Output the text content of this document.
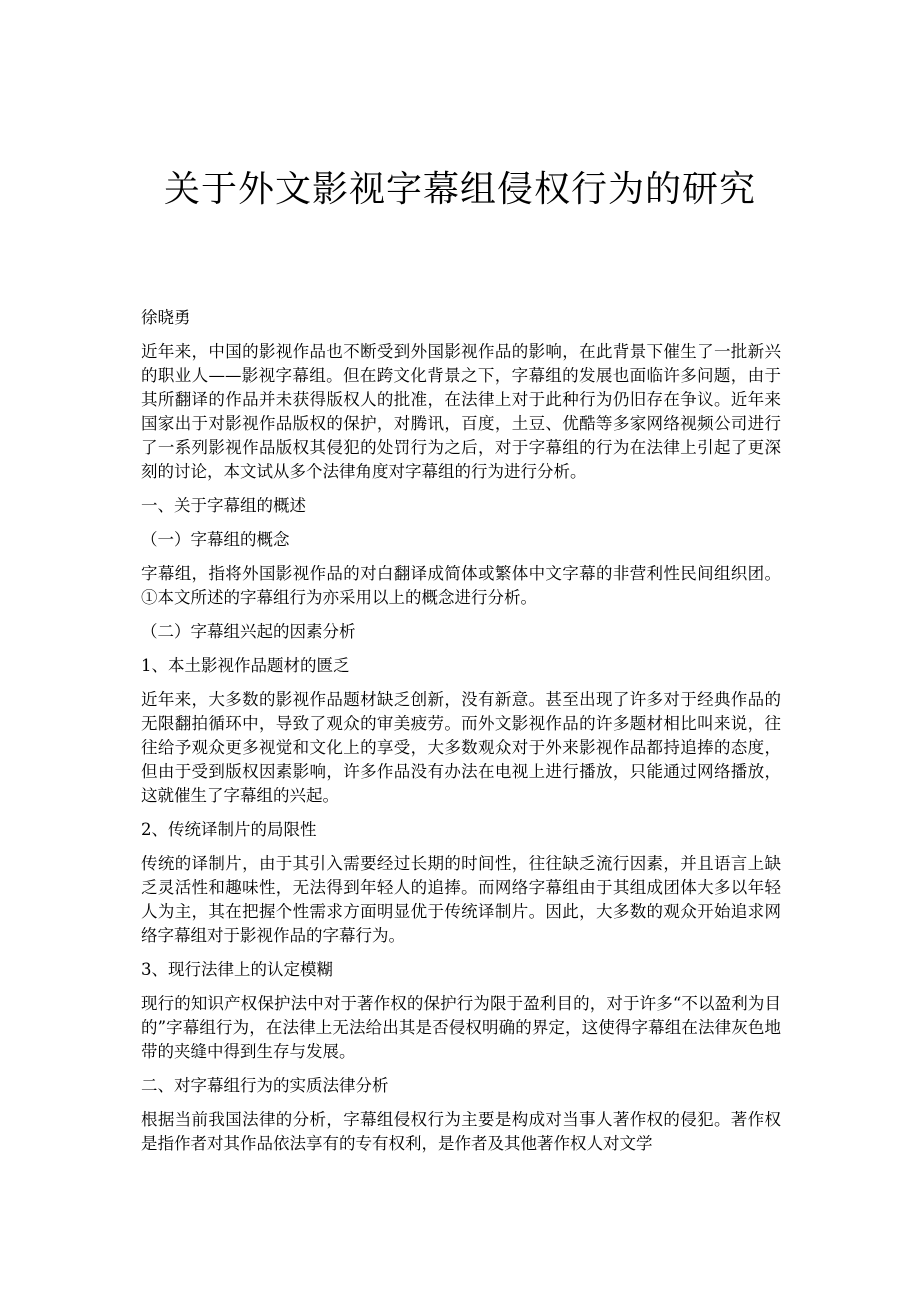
关于外文影视字幕组侵权行为的研究

徐晓勇

近年来，中国的影视作品也不断受到外国影视作品的影响，在此背景下催生了一批新兴的职业人——影视字幕组。但在跨文化背景之下，字幕组的发展也面临许多问题，由于其所翻译的作品并未获得版权人的批准，在法律上对于此种行为仍旧存在争议。近年来国家出于对影视作品版权的保护，对腾讯，百度，土豆、优酷等多家网络视频公司进行了一系列影视作品版权其侵犯的处罚行为之后，对于字幕组的行为在法律上引起了更深刻的讨论，本文试从多个法律角度对字幕组的行为进行分析。

一、关于字幕组的概述

（一）字幕组的概念

字幕组，指将外国影视作品的对白翻译成简体或繁体中文字幕的非营利性民间组织团。①本文所述的字幕组行为亦采用以上的概念进行分析。

（二）字幕组兴起的因素分析

1、本土影视作品题材的匮乏

近年来，大多数的影视作品题材缺乏创新，没有新意。甚至出现了许多对于经典作品的无限翻拍循环中，导致了观众的审美疲劳。而外文影视作品的许多题材相比叫来说，往往给予观众更多视觉和文化上的享受，大多数观众对于外来影视作品都持追捧的态度，但由于受到版权因素影响，许多作品没有办法在电视上进行播放，只能通过网络播放，这就催生了字幕组的兴起。

2、传统译制片的局限性

传统的译制片，由于其引入需要经过长期的时间性，往往缺乏流行因素，并且语言上缺乏灵活性和趣味性，无法得到年轻人的追捧。而网络字幕组由于其组成团体大多以年轻人为主，其在把握个性需求方面明显优于传统译制片。因此，大多数的观众开始追求网络字幕组对于影视作品的字幕行为。

3、现行法律上的认定模糊

现行的知识产权保护法中对于著作权的保护行为限于盈利目的，对于许多“不以盈利为目的”字幕组行为，在法律上无法给出其是否侵权明确的界定，这使得字幕组在法律灰色地带的夹缝中得到生存与发展。

二、对字幕组行为的实质法律分析

根据当前我国法律的分析，字幕组侵权行为主要是构成对当事人著作权的侵犯。著作权是指作者对其作品依法享有的专有权利，是作者及其他著作权人对文学
